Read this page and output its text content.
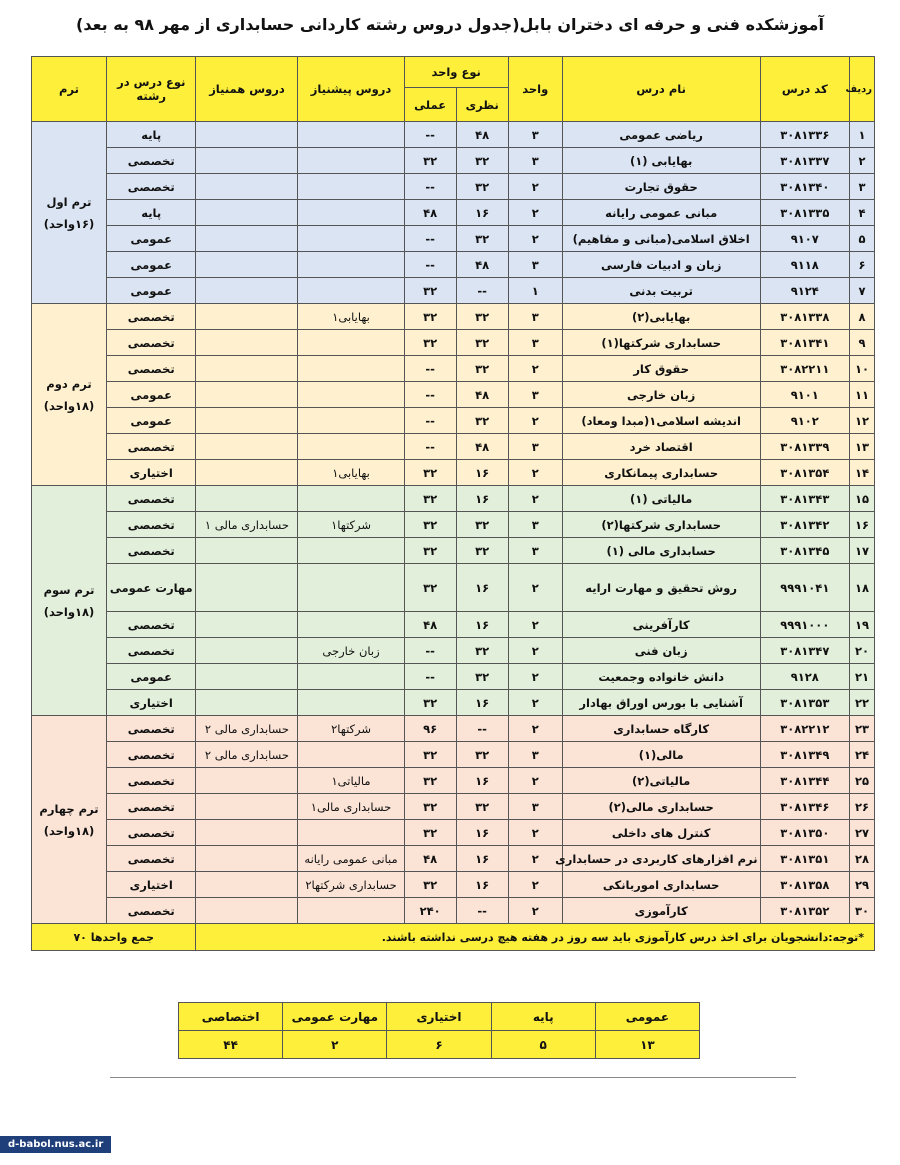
آموزشکده فنی و حرفه ای دختران بابل(جدول دروس رشته کاردانی حسابداری از مهر ۹۸ به بعد)
ردیف	کد درس	نام درس	واحد	نوع واحد		دروس پیشنیاز	دروس همنیاز	نوع درس در رشته	ترم
				نظری	عملی				
۱	۳۰۸۱۳۳۶	ریاضی عمومی	۳	۴۸	--			پایه	ترم اول
(۱۶واحد)

۲	۳۰۸۱۳۳۷	بهایابی (۱)	۳	۳۲	۳۲			تخصصی	
۳	۳۰۸۱۳۴۰	حقوق تجارت	۲	۳۲	--			تخصصی	
۴	۳۰۸۱۳۳۵	مبانی عمومی رایانه	۲	۱۶	۴۸			پایه	
۵	۹۱۰۷	اخلاق اسلامی(مبانی و مفاهیم)	۲	۳۲	--			عمومی	
۶	۹۱۱۸	زبان و ادبیات فارسی	۳	۴۸	--			عمومی	
۷	۹۱۲۴	تربیت بدنی	۱	--	۳۲			عمومی	
۸	۳۰۸۱۳۳۸	بهایابی(۲)	۳	۳۲	۳۲	بهایابی۱		تخصصی	ترم دوم
(۱۸واحد)

۹	۳۰۸۱۳۴۱	حسابداری شرکتها(۱)	۳	۳۲	۳۲			تخصصی	
۱۰	۳۰۸۲۲۱۱	حقوق کار	۲	۳۲	--			تخصصی	
۱۱	۹۱۰۱	زبان خارجی	۳	۴۸	--			عمومی	
۱۲	۹۱۰۲	اندیشه اسلامی۱(مبدا ومعاد)	۲	۳۲	--			عمومی	
۱۳	۳۰۸۱۳۳۹	اقتصاد خرد	۳	۴۸	--			تخصصی	
۱۴	۳۰۸۱۳۵۴	حسابداری پیمانکاری	۲	۱۶	۳۲	بهایابی۱		اختیاری	
۱۵	۳۰۸۱۳۴۳	مالیاتی (۱)	۲	۱۶	۳۲			تخصصی	ترم سوم
(۱۸واحد)

۱۶	۳۰۸۱۳۴۲	حسابداری شرکتها(۲)	۳	۳۲	۳۲	شرکتها۱	حسابداری مالی ۱	تخصصی	
۱۷	۳۰۸۱۳۴۵	حسابداری مالی (۱)	۳	۳۲	۳۲			تخصصی	
۱۸	۹۹۹۱۰۴۱	روش تحقیق و مهارت ارایه	۲	۱۶	۳۲			مهارت عمومی	
۱۹	۹۹۹۱۰۰۰	کارآفرینی	۲	۱۶	۴۸			تخصصی	
۲۰	۳۰۸۱۳۴۷	زبان فنی	۲	۳۲	--	زبان خارجی		تخصصی	
۲۱	۹۱۲۸	دانش خانواده وجمعیت	۲	۳۲	--			عمومی	
۲۲	۳۰۸۱۳۵۳	آشنایی با بورس اوراق بهادار	۲	۱۶	۳۲			اختیاری	
۲۳	۳۰۸۲۲۱۲	کارگاه حسابداری	۲	--	۹۶	شرکتها۲	حسابداری مالی ۲	تخصصی	ترم چهارم
(۱۸واحد)

۲۴	۳۰۸۱۳۴۹	مالی(۱)	۳	۳۲	۳۲		حسابداری مالی ۲	تخصصی	
۲۵	۳۰۸۱۳۴۴	مالیاتی(۲)	۲	۱۶	۳۲	مالیاتی۱		تخصصی	
۲۶	۳۰۸۱۳۴۶	حسابداری مالی(۲)	۳	۳۲	۳۲	حسابداری مالی۱		تخصصی	
۲۷	۳۰۸۱۳۵۰	کنترل های داخلی	۲	۱۶	۳۲			تخصصی	
۲۸	۳۰۸۱۳۵۱	نرم افزارهای کاربردی در حسابداری	۲	۱۶	۴۸	مبانی عمومی رایانه		تخصصی	
۲۹	۳۰۸۱۳۵۸	حسابداری اموربانکی	۲	۱۶	۳۲	حسابداری شرکتها۲		اختیاری	
۳۰	۳۰۸۱۳۵۲	کارآموزی	۲	--	۲۴۰			تخصصی	
*توجه:دانشجویان برای اخذ درس کارآموزی باید سه روز در هفته هیچ درسی نداشته باشند.								جمع واحدها ۷۰	
عمومی	پایه	اختیاری	مهارت عمومی	اختصاصی
۱۳	۵	۶	۲	۴۴
d-babol.nus.ac.ir
